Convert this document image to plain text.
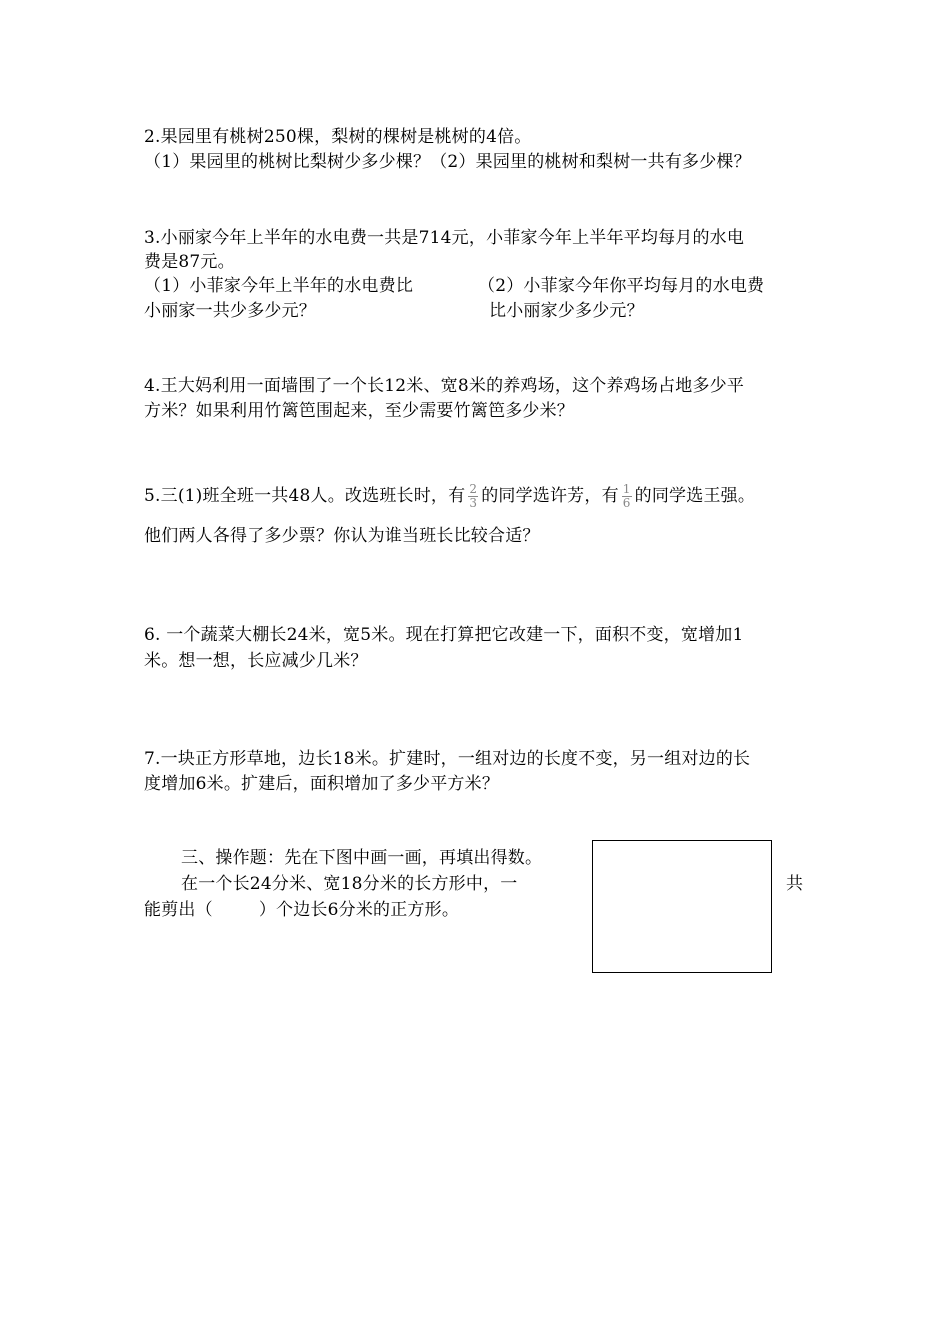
2.果园里有桃树250棵，梨树的棵树是桃树的4倍。
（1）果园里的桃树比梨树少多少棵？（2）果园里的桃树和梨树一共有多少棵？
3.小丽家今年上半年的水电费一共是714元，小菲家今年上半年平均每月的水电
费是87元。
（1）小菲家今年上半年的水电费比
小丽家一共少多少元？
（2）小菲家今年你平均每月的水电费
比小丽家少多少元？
4.王大妈利用一面墙围了一个长12米、宽8米的养鸡场，这个养鸡场占地多少平
方米？如果利用竹篱笆围起来，至少需要竹篱笆多少米？
5.三(1)班全班一共48人。改选班长时，有 $\frac{2}{3}$ 的同学选许芳，有 $\frac{1}{6}$ 的同学选王强。
他们两人各得了多少票？你认为谁当班长比较合适？
6. 一个蔬菜大棚长24米，宽5米。现在打算把它改建一下，面积不变，宽增加1
米。想一想，长应减少几米？
7.一块正方形草地，边长18米。扩建时，一组对边的长度不变，另一组对边的长
度增加6米。扩建后，面积增加了多少平方米？
三、操作题：先在下图中画一画，再填出得数。
在一个长24分米、宽18分米的长方形中，一	共
能剪出（	）个边长6分米的正方形。
